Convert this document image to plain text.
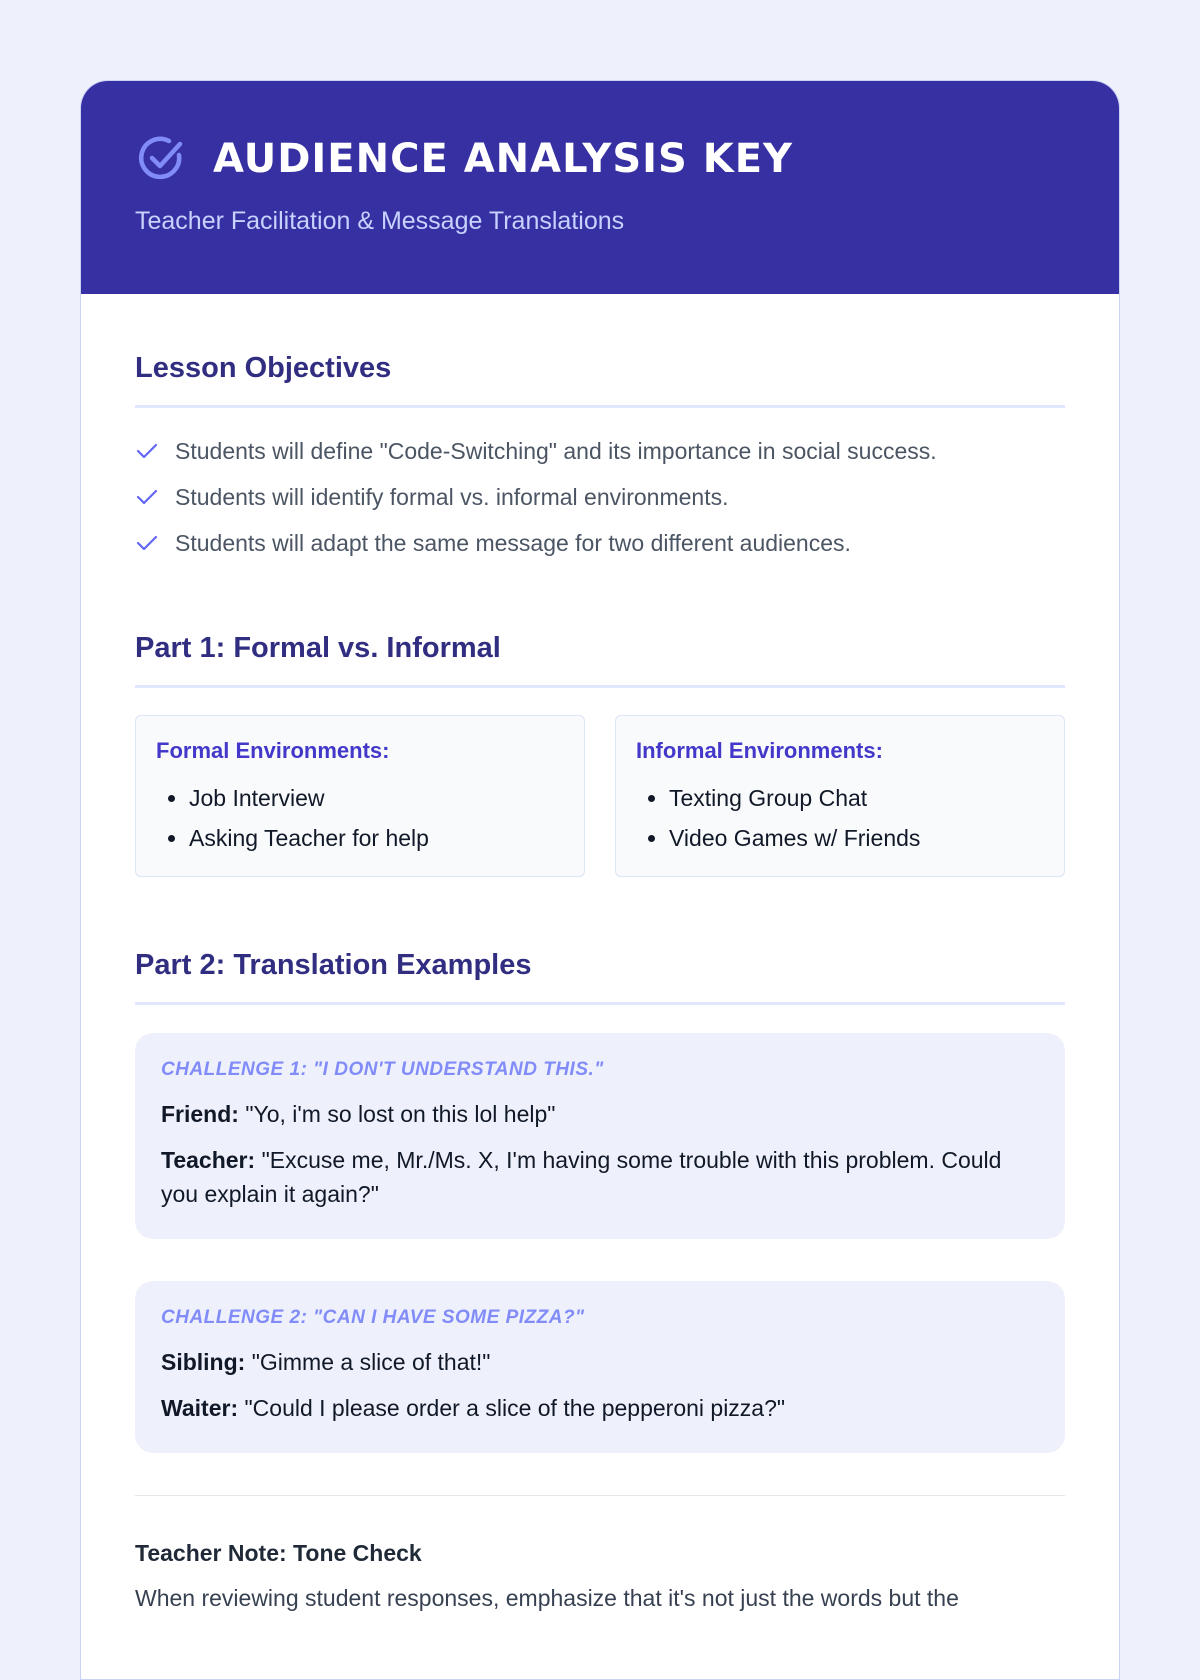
AUDIENCE ANALYSIS KEY
Teacher Facilitation & Message Translations
Lesson Objectives
Students will define "Code-Switching" and its importance in social success.
Students will identify formal vs. informal environments.
Students will adapt the same message for two different audiences.
Part 1: Formal vs. Informal
Formal Environments:
• Job Interview
• Asking Teacher for help
Informal Environments:
• Texting Group Chat
• Video Games w/ Friends
Part 2: Translation Examples
CHALLENGE 1: "I DON'T UNDERSTAND THIS."
Friend: "Yo, i'm so lost on this lol help"
Teacher: "Excuse me, Mr./Ms. X, I'm having some trouble with this problem. Could you explain it again?"
CHALLENGE 2: "CAN I HAVE SOME PIZZA?"
Sibling: "Gimme a slice of that!"
Waiter: "Could I please order a slice of the pepperoni pizza?"
Teacher Note: Tone Check
When reviewing student responses, emphasize that it's not just the words but the
